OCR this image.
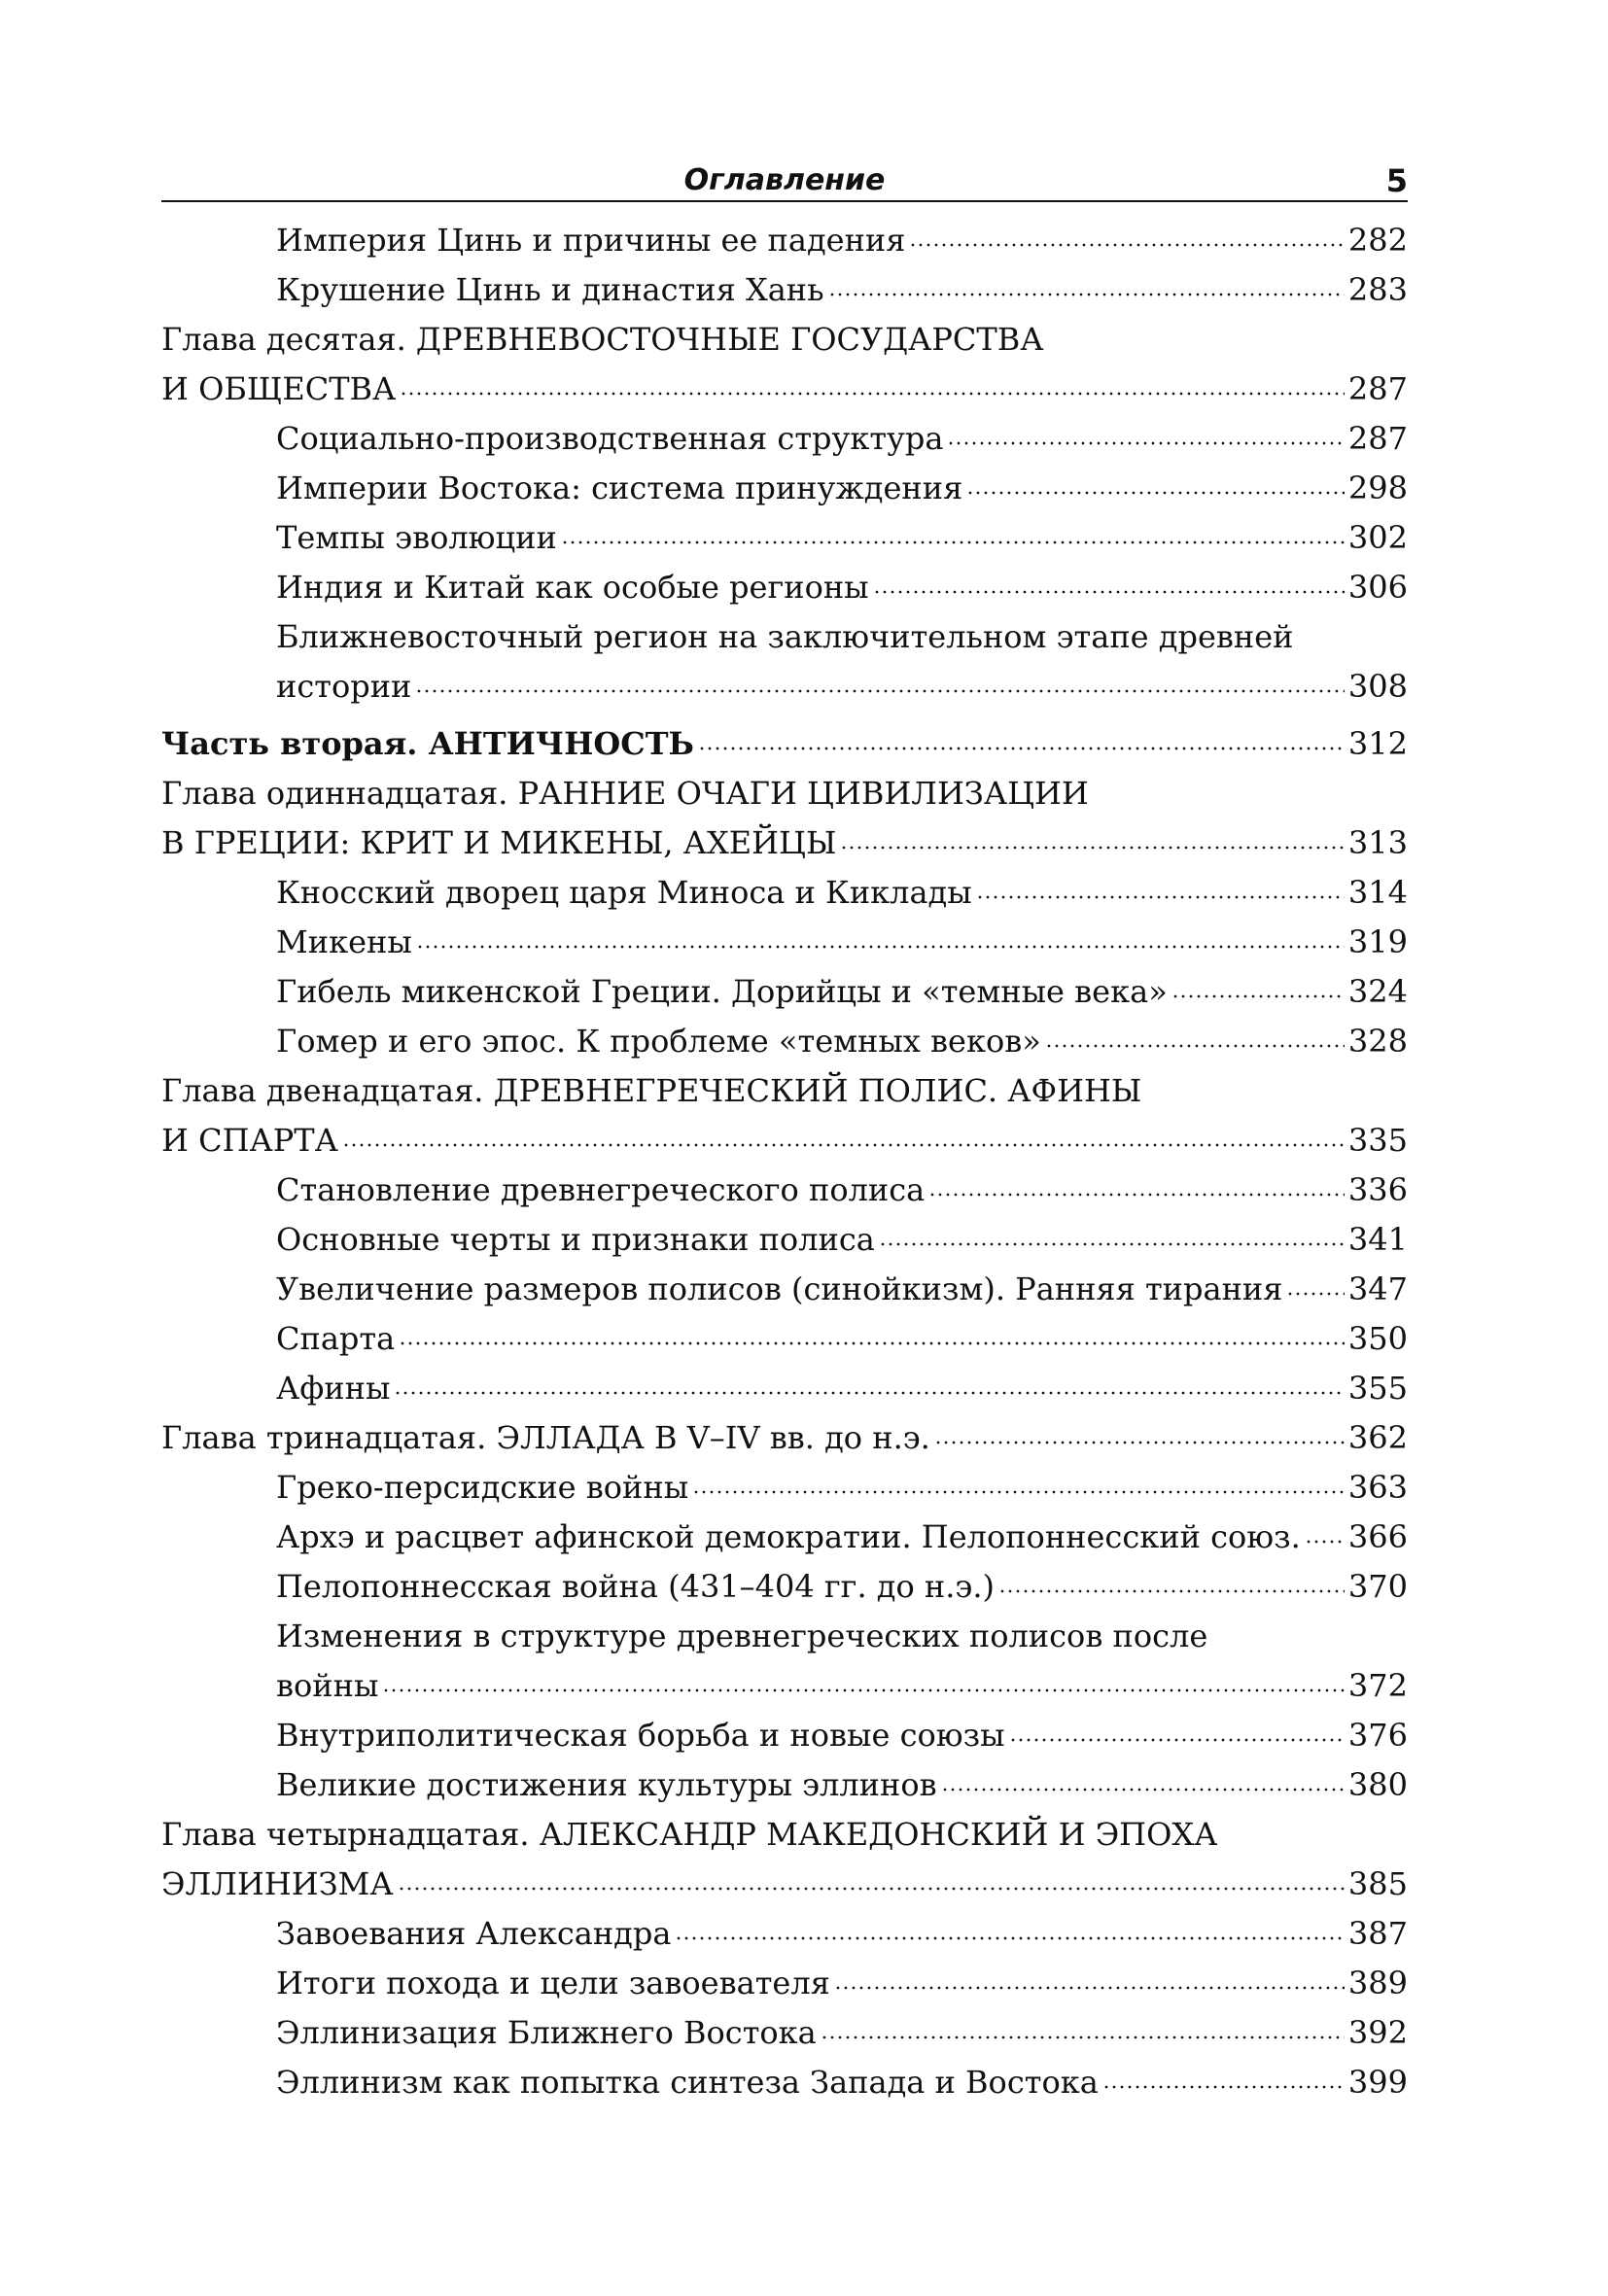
Оглавление	5
Империя Цинь и причины ее падения	282
Крушение Цинь и династия Хань	283
Глава десятая. ДРЕВНЕВОСТОЧНЫЕ ГОСУДАРСТВА
И ОБЩЕСТВА	287
Социально-производственная структура	287
Империи Востока: система принуждения	298
Темпы эволюции	302
Индия и Китай как особые регионы	306
Ближневосточный регион на заключительном этапе древней
истории	308
Часть вторая. АНТИЧНОСТЬ	312
Глава одиннадцатая. РАННИЕ ОЧАГИ ЦИВИЛИЗАЦИИ
В ГРЕЦИИ: КРИТ И МИКЕНЫ, АХЕЙЦЫ	313
Кносский дворец царя Миноса и Киклады	314
Микены	319
Гибель микенской Греции. Дорийцы и «темные века»	324
Гомер и его эпос. К проблеме «темных веков»	328
Глава двенадцатая. ДРЕВНЕГРЕЧЕСКИЙ ПОЛИС. АФИНЫ
И СПАРТА	335
Становление древнегреческого полиса	336
Основные черты и признаки полиса	341
Увеличение размеров полисов (синойкизм). Ранняя тирания 347
Спарта	350
Афины	355
Глава тринадцатая. ЭЛЛАДА В V–IV вв. до н.э.	362
Греко-персидские войны	363
Архэ и расцвет афинской демократии. Пелопоннесский союз. 366
Пелопоннесская война (431–404 гг. до н.э.)	370
Изменения в структуре древнегреческих полисов после
войны	372
Внутриполитическая борьба и новые союзы	376
Великие достижения культуры эллинов	380
Глава четырнадцатая. АЛЕКСАНДР МАКЕДОНСКИЙ И ЭПОХА
ЭЛЛИНИЗМА	385
Завоевания Александра	387
Итоги похода и цели завоевателя	389
Эллинизация Ближнего Востока	392
Эллинизм как попытка синтеза Запада и Востока	399
